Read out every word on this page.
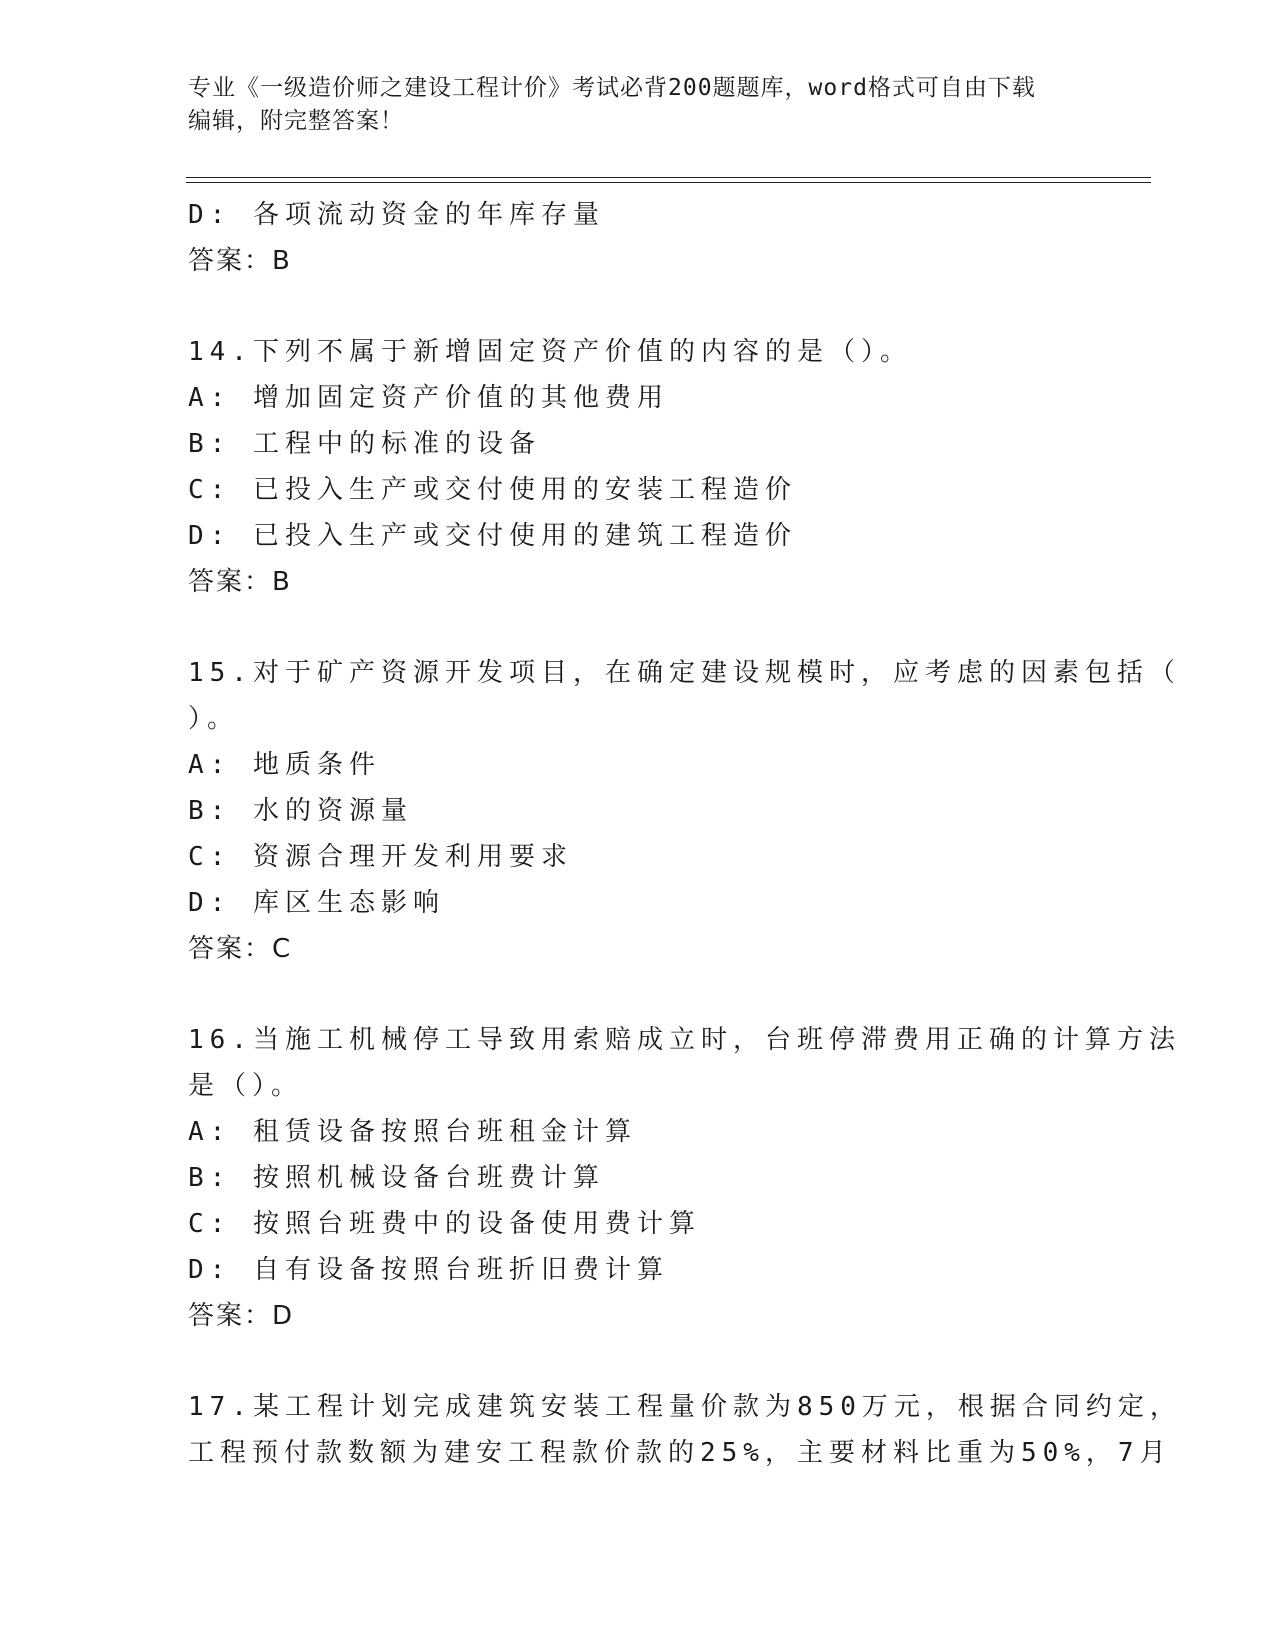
专业《一级造价师之建设工程计价》考试必背200题题库，word格式可自由下载
编辑，附完整答案！
D: 各项流动资金的年库存量
答案：B
14.下列不属于新增固定资产价值的内容的是（）。
A: 增加固定资产价值的其他费用
B: 工程中的标准的设备
C: 已投入生产或交付使用的安装工程造价
D: 已投入生产或交付使用的建筑工程造价
答案：B
15.对于矿产资源开发项目，在确定建设规模时，应考虑的因素包括（
）。
A: 地质条件
B: 水的资源量
C: 资源合理开发利用要求
D: 库区生态影响
答案：C
16.当施工机械停工导致用索赔成立时，台班停滞费用正确的计算方法
是（）。
A: 租赁设备按照台班租金计算
B: 按照机械设备台班费计算
C: 按照台班费中的设备使用费计算
D: 自有设备按照台班折旧费计算
答案：D
17.某工程计划完成建筑安装工程量价款为850万元，根据合同约定，
工程预付款数额为建安工程款价款的25%，主要材料比重为50%，7月
